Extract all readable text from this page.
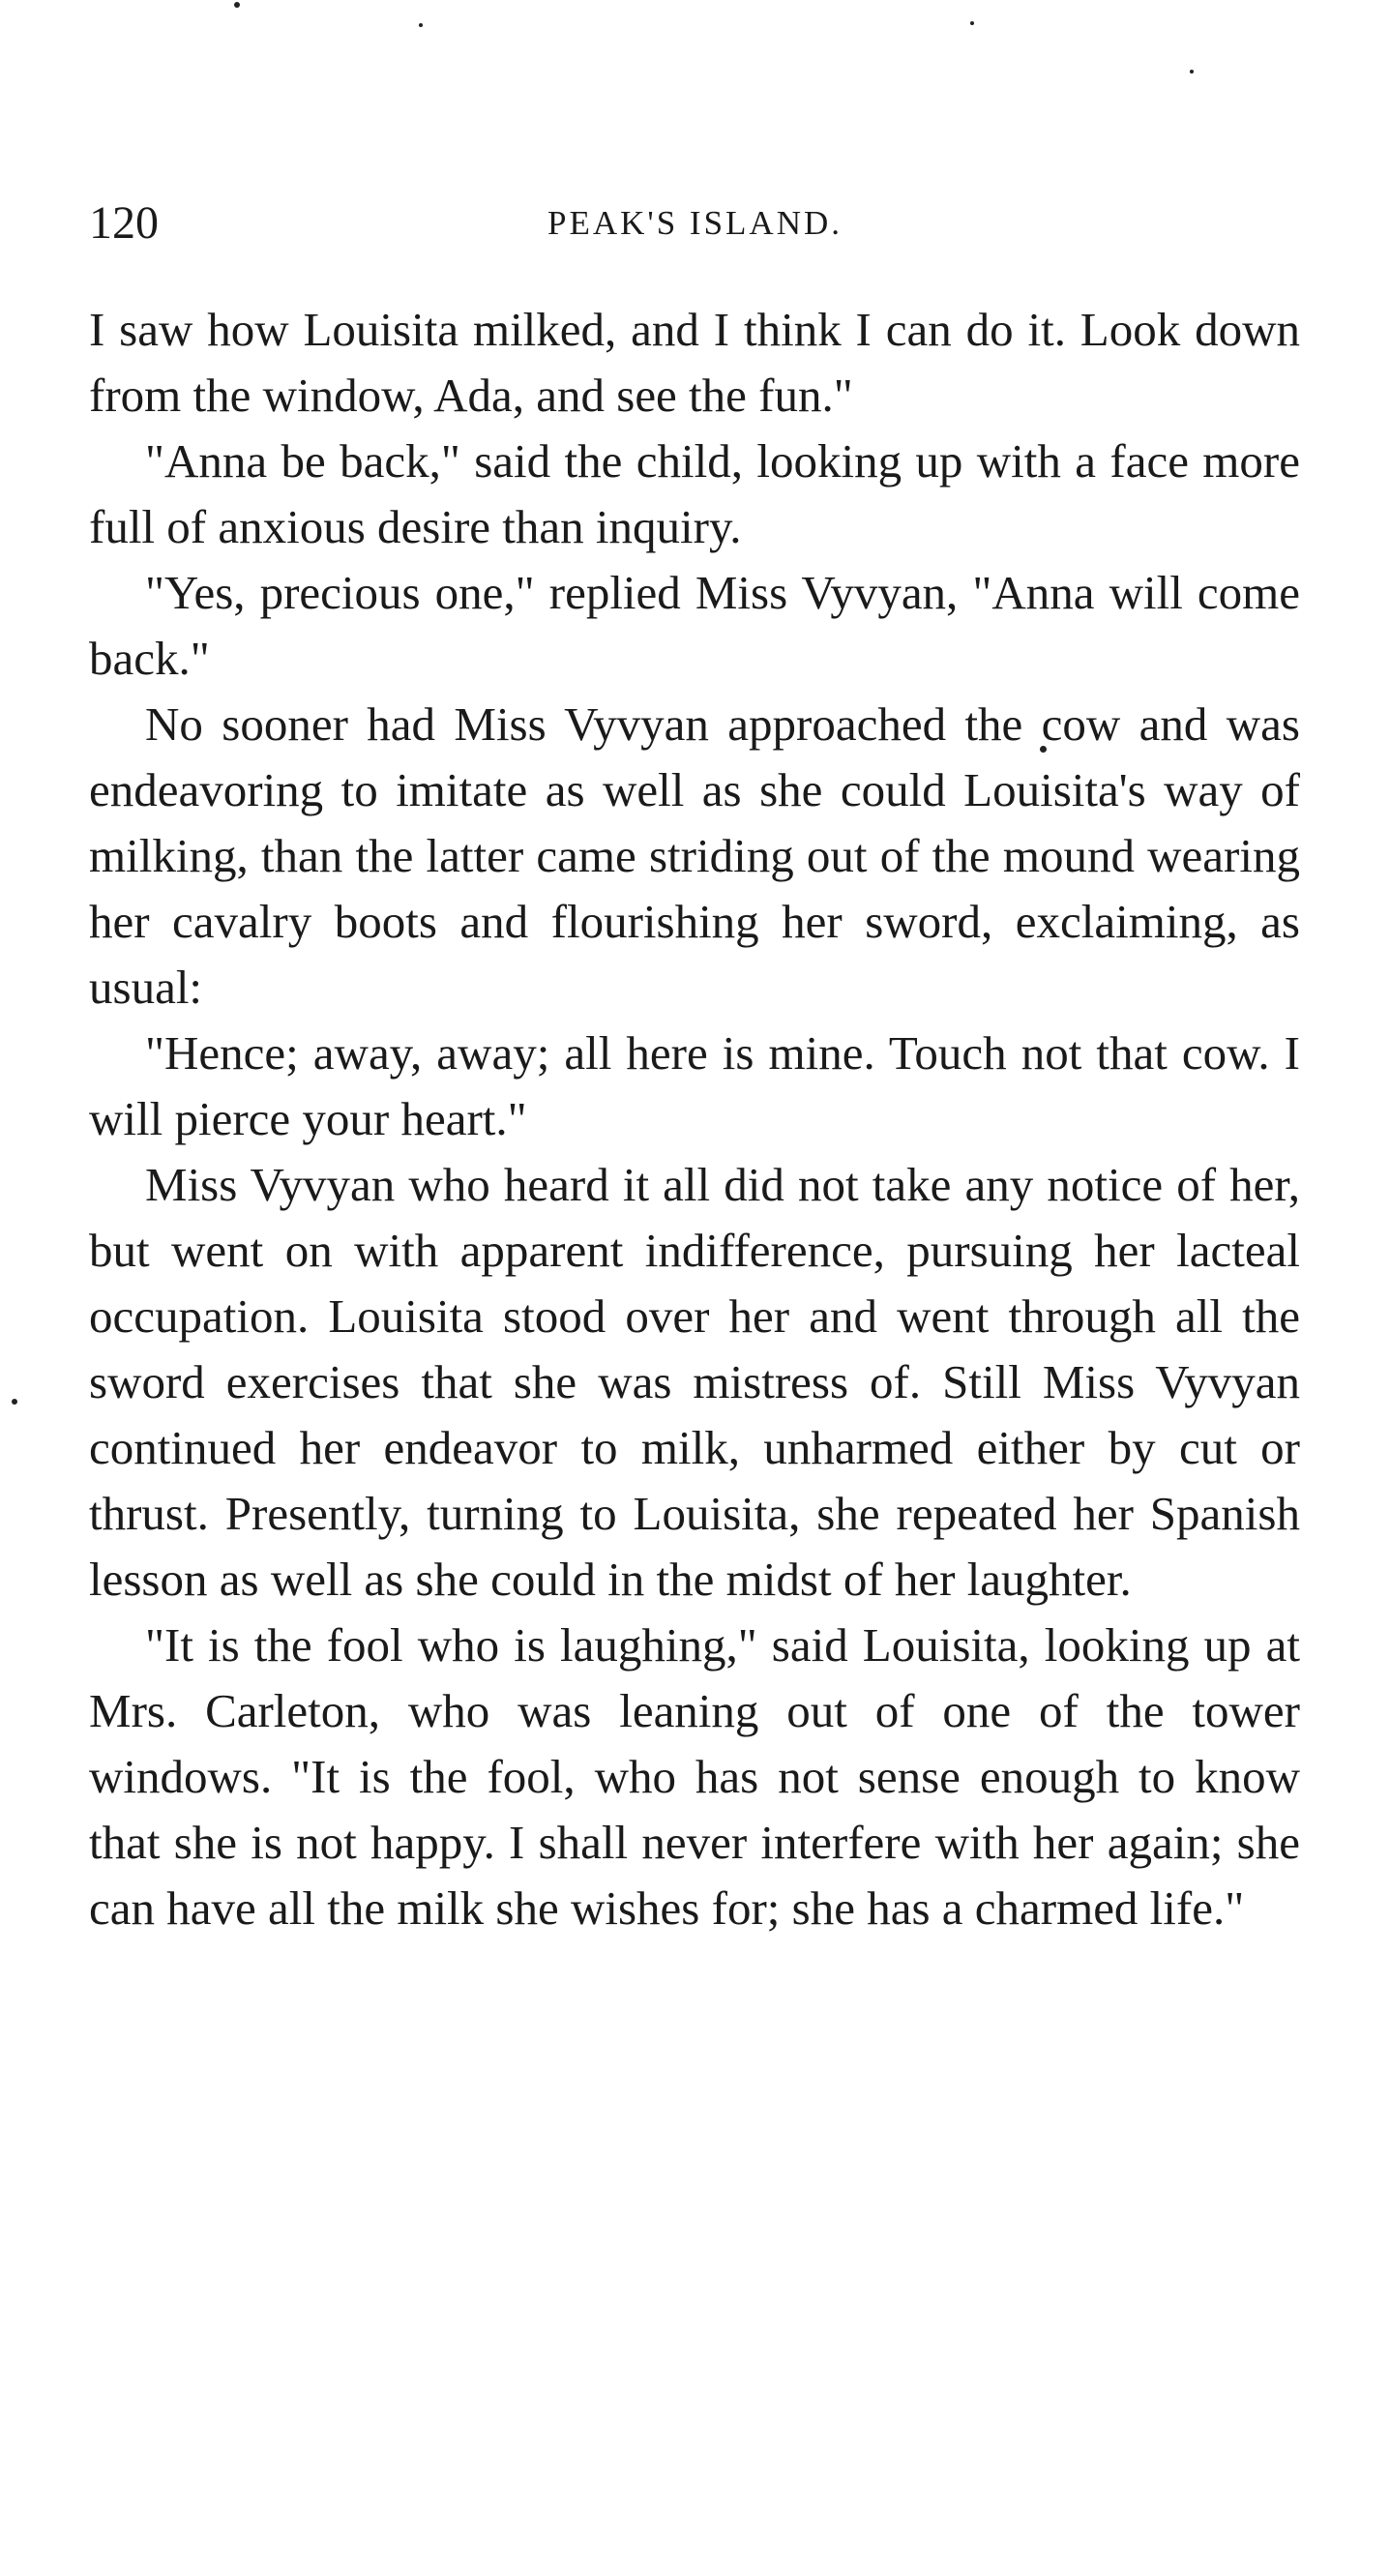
120	PEAK'S ISLAND.

I saw how Louisita milked, and I think I can do it. Look down from the window, Ada, and see the fun."

"Anna be back," said the child, looking up with a face more full of anxious desire than inquiry.

"Yes, precious one," replied Miss Vyvyan, "Anna will come back."

No sooner had Miss Vyvyan approached the cow and was endeavoring to imitate as well as she could Louisita's way of milking, than the latter came striding out of the mound wearing her cavalry boots and flourishing her sword, exclaiming, as usual:

"Hence; away, away; all here is mine. Touch not that cow. I will pierce your heart."

Miss Vyvyan who heard it all did not take any notice of her, but went on with apparent indifference, pursuing her lacteal occupation. Louisita stood over her and went through all the sword exercises that she was mistress of. Still Miss Vyvyan continued her endeavor to milk, unharmed either by cut or thrust. Presently, turning to Louisita, she repeated her Spanish lesson as well as she could in the midst of her laughter.

"It is the fool who is laughing," said Louisita, looking up at Mrs. Carleton, who was leaning out of one of the tower windows. "It is the fool, who has not sense enough to know that she is not happy. I shall never interfere with her again; she can have all the milk she wishes for; she has a charmed life."
